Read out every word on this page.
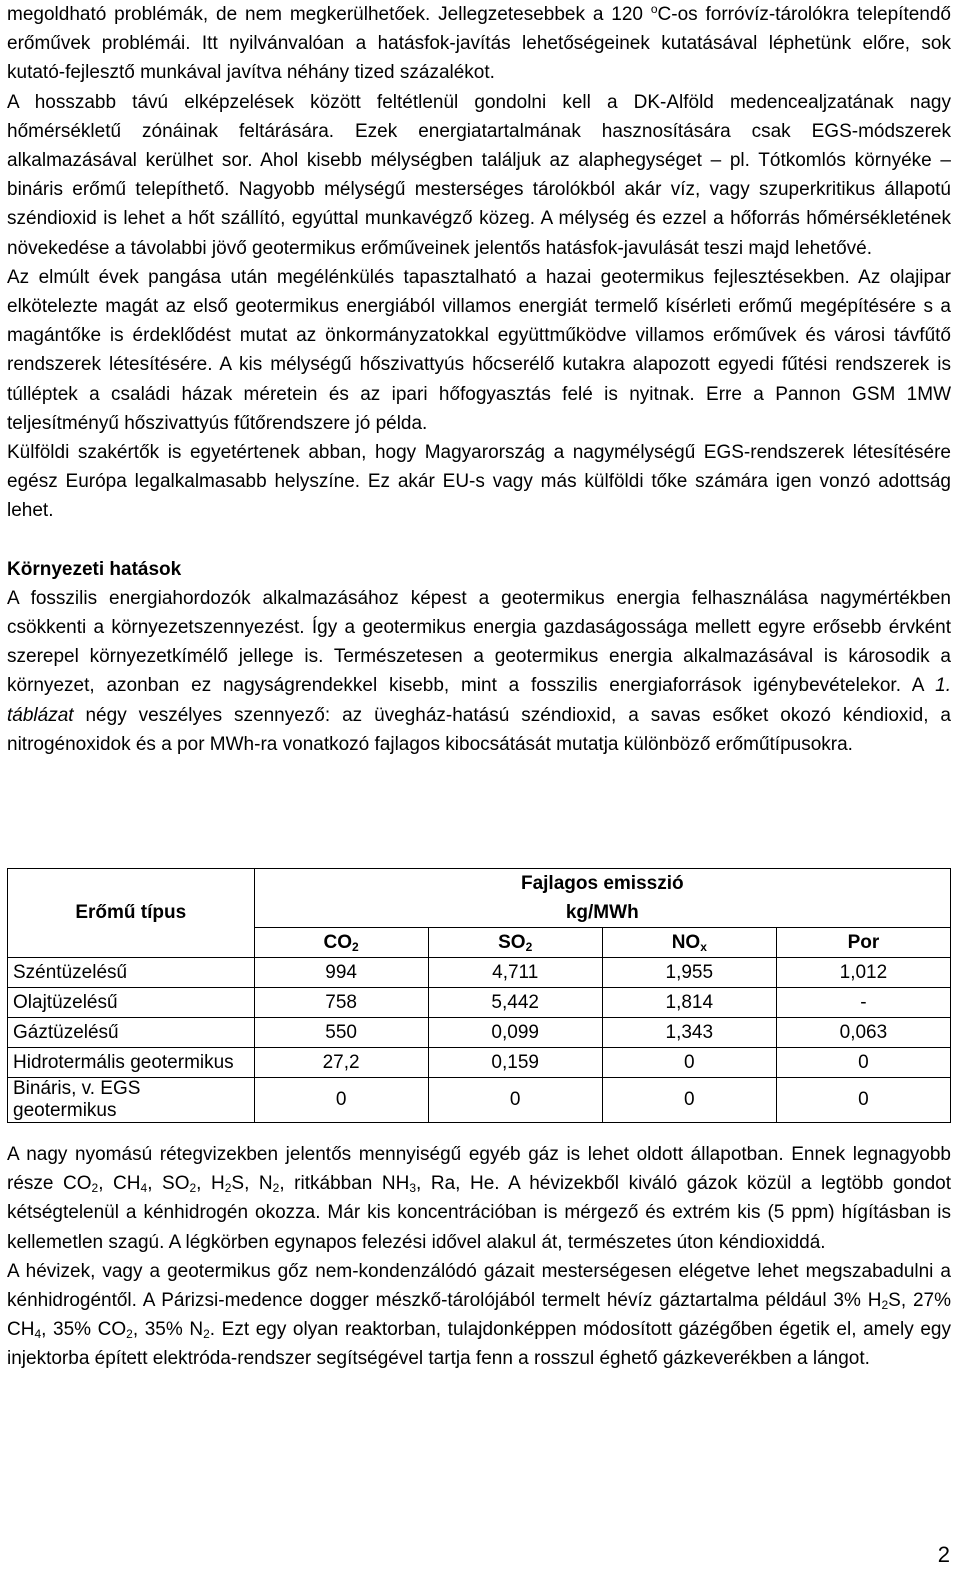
megoldható problémák, de nem megkerülhetőek. Jellegzetesebbek a 120 $^o$C-os forróvíz-tárolókra telepítendő erőművek problémái. Itt nyilvánvalóan a hatásfok-javítás lehetőségeinek kutatásával léphetünk előre, sok kutató-fejlesztő munkával javítva néhány tized százalékot.

A hosszabb távú elképzelések között feltétlenül gondolni kell a DK-Alföld medencealjzatának nagy hőmérsékletű zónáinak feltárására. Ezek energiatartalmának hasznosítására csak EGS-módszerek alkalmazásával kerülhet sor. Ahol kisebb mélységben találjuk az alaphegységet – pl. Tótkomlós környéke – bináris erőmű telepíthető. Nagyobb mélységű mesterséges tárolókból akár víz, vagy szuperkritikus állapotú széndioxid is lehet a hőt szállító, egyúttal munkavégző közeg. A mélység és ezzel a hőforrás hőmérsékletének növekedése a távolabbi jövő geotermikus erőműveinek jelentős hatásfok-javulását teszi majd lehetővé.

Az elmúlt évek pangása után megélénkülés tapasztalható a hazai geotermikus fejlesztésekben. Az olajipar elkötelezte magát az első geotermikus energiából villamos energiát termelő kísérleti erőmű megépítésére s a magántőke is érdeklődést mutat az önkormányzatokkal együttműködve villamos erőművek és városi távfűtő rendszerek létesítésére. A kis mélységű hőszivattyús hőcserélő kutakra alapozott egyedi fűtési rendszerek is túlléptek a családi házak méretein és az ipari hőfogyasztás felé is nyitnak. Erre a Pannon GSM 1MW teljesítményű hőszivattyús fűtőrendszere jó példa.

Külföldi szakértők is egyetértenek abban, hogy Magyarország a nagymélységű EGS-rendszerek létesítésére egész Európa legalkalmasabb helyszíne. Ez akár EU-s vagy más külföldi tőke számára igen vonzó adottság lehet.

Környezeti hatások

A fosszilis energiahordozók alkalmazásához képest a geotermikus energia felhasználása nagymértékben csökkenti a környezetszennyezést. Így a geotermikus energia gazdaságossága mellett egyre erősebb érvként szerepel környezetkímélő jellege is. Természetesen a geotermikus energia alkalmazásával is károsodik a környezet, azonban ez nagyságrendekkel kisebb, mint a fosszilis energiaforrások igénybevételekor. A 1. táblázat négy veszélyes szennyező: az üvegház-hatású széndioxid, a savas esőket okozó kéndioxid, a nitrogénoxidok és a por MWh-ra vonatkozó fajlagos kibocsátását mutatja különböző erőműtípusokra.

Erőmű típus	Fajlagos emisszió kg/MWh			
	$CO_2$	$SO_2$	$NO_x$	Por
Széntüzelésű	994	4,711	1,955	1,012
Olajtüzelésű	758	5,442	1,814	-
Gáztüzelésű	550	0,099	1,343	0,063
Hidrotermális geotermikus	27,2	0,159	0	0
Bináris, v. EGS geotermikus	0	0	0	0

A nagy nyomású rétegvizekben jelentős mennyiségű egyéb gáz is lehet oldott állapotban. Ennek legnagyobb része $CO_2$, $CH_4$, $SO_2$, $H_2S$, $N_2$, ritkábban $NH_3$, Ra, He. A hévizekből kiváló gázok közül a legtöbb gondot kétségtelenül a kénhidrogén okozza. Már kis koncentrációban is mérgező és extrém kis (5 ppm) hígításban is kellemetlen szagú. A légkörben egynapos felezési idővel alakul át, természetes úton kéndioxiddá.

A hévizek, vagy a geotermikus gőz nem-kondenzálódó gázait mesterségesen elégetve lehet megszabadulni a kénhidrogéntől. A Párizsi-medence dogger mészkő-tárolójából termelt hévíz gáztartalma például 3% $H_2S$, 27% $CH_4$, 35% $CO_2$, 35% $N_2$. Ezt egy olyan reaktorban, tulajdonképpen módosított gázégőben égetik el, amely egy injektorba épített elektróda-rendszer segítségével tartja fenn a rosszul éghető gázkeverékben a lángot.

2
